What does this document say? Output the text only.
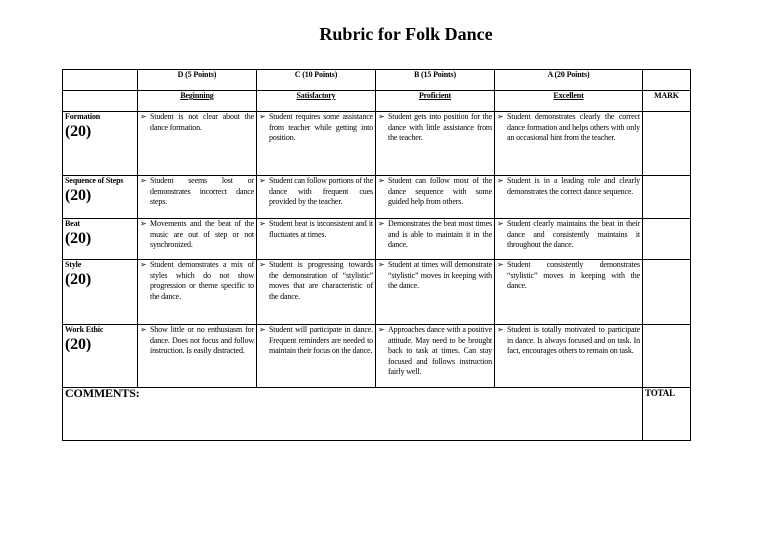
Rubric for Folk Dance
	D (5 Points)	C (10 Points)	B (15 Points)	A (20 Points)	
	Beginning	Satisfactory	Proficient	Excellent	MARK

Formation
(20)	➢ Student is not clear about the dance formation.	➢ Student requires some assistance from teacher while getting into position.	➢ Student gets into position for the dance with little assistance from the teacher.	➢ Student demonstrates clearly the correct dance formation and helps others with only an occasional hint from the teacher.	

Sequence of Steps
(20)	➢ Student seems lost or demonstrates incorrect dance steps.	➢ Student can follow portions of the dance with frequent cues provided by the teacher.	➢ Student can follow most of the dance sequence with some guided help from others.	➢ Student is in a leading role and clearly demonstrates the correct dance sequence.	

Beat
(20)	➢ Movements and the beat of the music are out of step or not synchronized.	➢ Student beat is inconsistent and it fluctuates at times.	➢ Demonstrates the beat most times and is able to maintain it in the dance.	➢ Student clearly maintains the beat in their dance and consistently maintains it throughout the dance.	

Style
(20)	➢ Student demonstrates a mix of styles which do not show progression or theme specific to the dance.	➢ Student is progressing towards the demonstration of “stylistic” moves that are characteristic of the dance.	➢ Student at times will demonstrate “stylistic” moves in keeping with the dance.	➢ Student consistently demonstrates “stylistic” moves in keeping with the dance.	

Work Ethic
(20)	➢ Show little or no enthusiasm for dance. Does not focus and follow instruction. Is easily distracted.	➢ Student will participate in dance. Frequent reminders are needed to maintain their focus on the dance.	➢ Approaches dance with a positive attitude. May need to be brought back to task at times. Can stay focused and follows instruction fairly well.	➢ Student is totally motivated to participate in dance. Is always focused and on task. In fact, encourages others to remain on task.	

COMMENTS:					TOTAL
